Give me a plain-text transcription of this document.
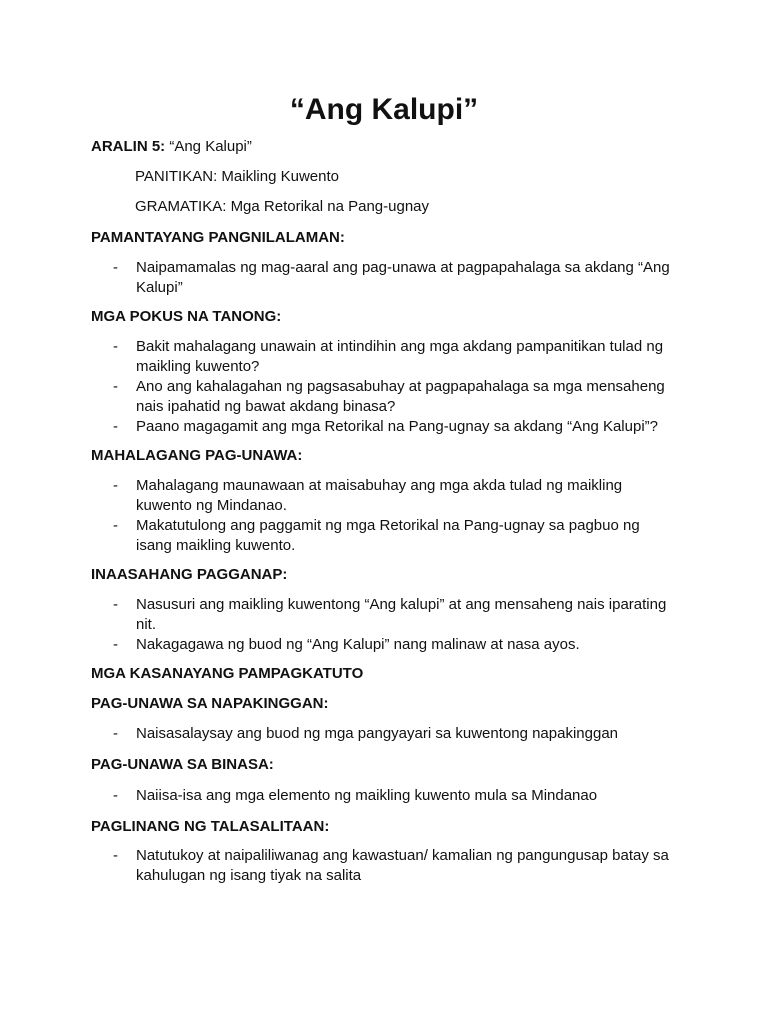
“Ang Kalupi”
ARALIN 5: “Ang Kalupi”
PANITIKAN: Maikling Kuwento
GRAMATIKA: Mga Retorikal na Pang-ugnay
PAMANTAYANG PANGNILALAMAN:
- Naipamamalas ng mag-aaral ang pag-unawa at pagpapahalaga sa akdang “Ang Kalupi”
MGA POKUS NA TANONG:
- Bakit mahalagang unawain at intindihin ang mga akdang pampanitikan tulad ng maikling kuwento?
- Ano ang kahalagahan ng pagsasabuhay at pagpapahalaga sa mga mensaheng nais ipahatid ng bawat akdang binasa?
- Paano magagamit ang mga Retorikal na Pang-ugnay sa akdang “Ang Kalupi”?
MAHALAGANG PAG-UNAWA:
- Mahalagang maunawaan at maisabuhay ang mga akda tulad ng maikling kuwento ng Mindanao.
- Makatutulong ang paggamit ng mga Retorikal na Pang-ugnay sa pagbuo ng isang maikling kuwento.
INAASAHANG PAGGANAP:
- Nasusuri ang maikling kuwentong “Ang kalupi” at ang mensaheng nais iparating nit.
- Nakagagawa ng buod ng “Ang Kalupi” nang malinaw at nasa ayos.
MGA KASANAYANG PAMPAGKATUTO
PAG-UNAWA SA NAPAKINGGAN:
- Naisasalaysay ang buod ng mga pangyayari sa kuwentong napakinggan
PAG-UNAWA SA BINASA:
- Naiisa-isa ang mga elemento ng maikling kuwento mula sa Mindanao
PAGLINANG NG TALASALITAAN:
- Natutukoy at naipaliliwanag ang kawastuan/ kamalian ng pangungusap batay sa kahulugan ng isang tiyak na salita
